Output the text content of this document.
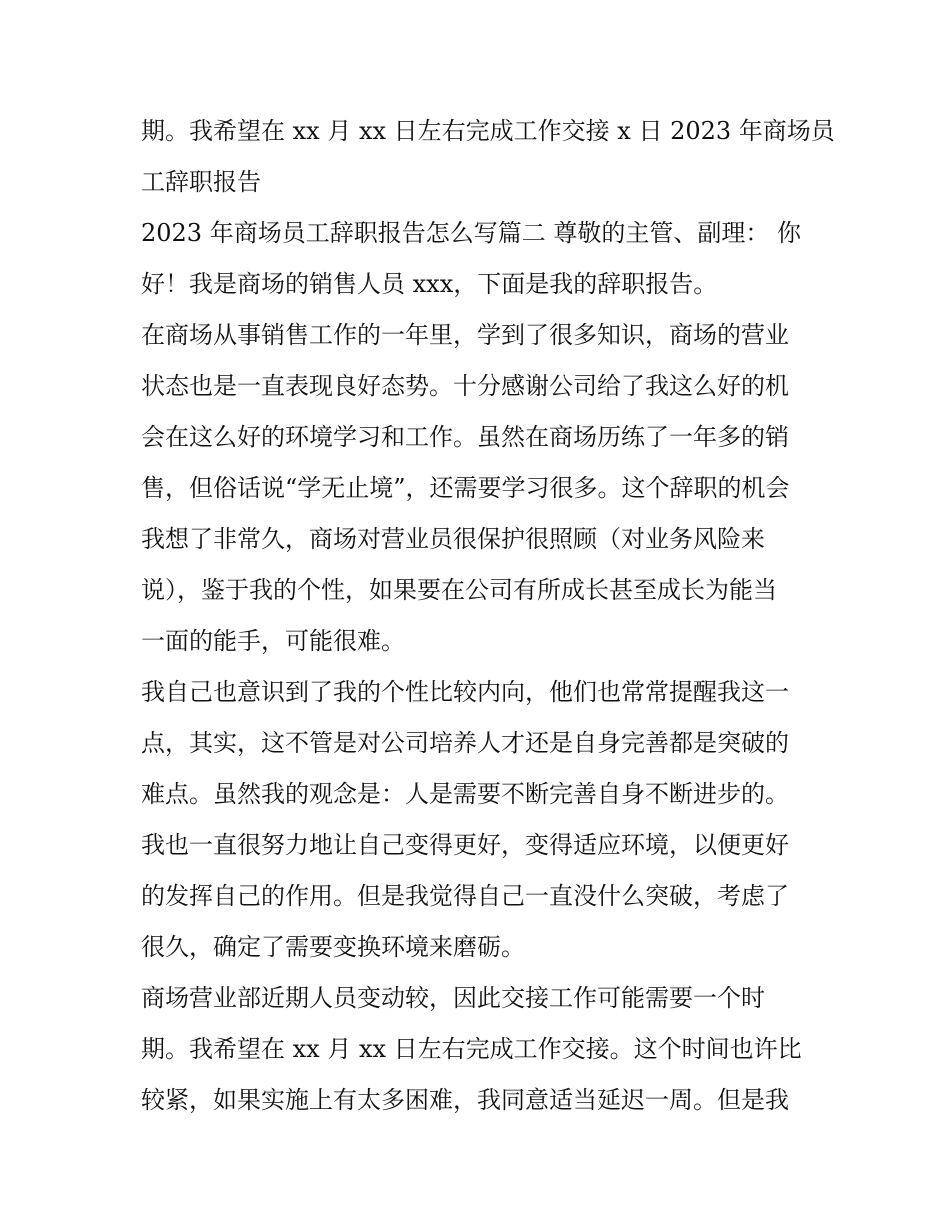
期。我希望在 xx 月 xx 日左右完成工作交接 x 日 2023 年商场员
工辞职报告
2023 年商场员工辞职报告怎么写篇二 尊敬的主管、副理： 你
好！我是商场的销售人员 xxx，下面是我的辞职报告。
在商场从事销售工作的一年里，学到了很多知识，商场的营业
状态也是一直表现良好态势。十分感谢公司给了我这么好的机
会在这么好的环境学习和工作。虽然在商场历练了一年多的销
售，但俗话说“学无止境”，还需要学习很多。这个辞职的机会
我想了非常久，商场对营业员很保护很照顾（对业务风险来
说），鉴于我的个性，如果要在公司有所成长甚至成长为能当
一面的能手，可能很难。
我自己也意识到了我的个性比较内向，他们也常常提醒我这一
点，其实，这不管是对公司培养人才还是自身完善都是突破的
难点。虽然我的观念是：人是需要不断完善自身不断进步的。
我也一直很努力地让自己变得更好，变得适应环境，以便更好
的发挥自己的作用。但是我觉得自己一直没什么突破，考虑了
很久，确定了需要变换环境来磨砺。
商场营业部近期人员变动较，因此交接工作可能需要一个时
期。我希望在 xx 月 xx 日左右完成工作交接。这个时间也许比
较紧，如果实施上有太多困难，我同意适当延迟一周。但是我
